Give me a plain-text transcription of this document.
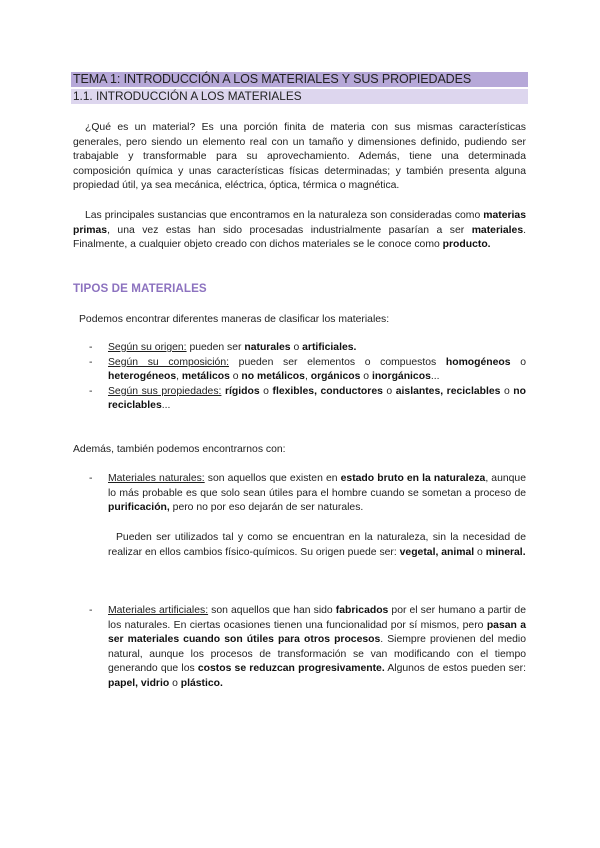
TEMA 1: INTRODUCCIÓN A LOS MATERIALES Y SUS PROPIEDADES
1.1. INTRODUCCIÓN A LOS MATERIALES
¿Qué es un material? Es una porción finita de materia con sus mismas características generales, pero siendo un elemento real con un tamaño y dimensiones definido, pudiendo ser trabajable y transformable para su aprovechamiento. Además, tiene una determinada composición química y unas características físicas determinadas; y también presenta alguna propiedad útil, ya sea mecánica, eléctrica, óptica, térmica o magnética.
Las principales sustancias que encontramos en la naturaleza son consideradas como materias primas, una vez estas han sido procesadas industrialmente pasarían a ser materiales. Finalmente, a cualquier objeto creado con dichos materiales se le conoce como producto.
TIPOS DE MATERIALES
Podemos encontrar diferentes maneras de clasificar los materiales:
- Según su origen: pueden ser naturales o artificiales.
- Según su composición: pueden ser elementos o compuestos homogéneos o heterogéneos, metálicos o no metálicos, orgánicos o inorgánicos...
- Según sus propiedades: rígidos o flexibles, conductores o aislantes, reciclables o no reciclables...
Además, también podemos encontrarnos con:
- Materiales naturales: son aquellos que existen en estado bruto en la naturaleza, aunque lo más probable es que solo sean útiles para el hombre cuando se sometan a proceso de purificación, pero no por eso dejarán de ser naturales.
Pueden ser utilizados tal y como se encuentran en la naturaleza, sin la necesidad de realizar en ellos cambios físico-químicos. Su origen puede ser: vegetal, animal o mineral.
- Materiales artificiales: son aquellos que han sido fabricados por el ser humano a partir de los naturales. En ciertas ocasiones tienen una funcionalidad por sí mismos, pero pasan a ser materiales cuando son útiles para otros procesos. Siempre provienen del medio natural, aunque los procesos de transformación se van modificando con el tiempo generando que los costos se reduzcan progresivamente. Algunos de estos pueden ser: papel, vidrio o plástico.
